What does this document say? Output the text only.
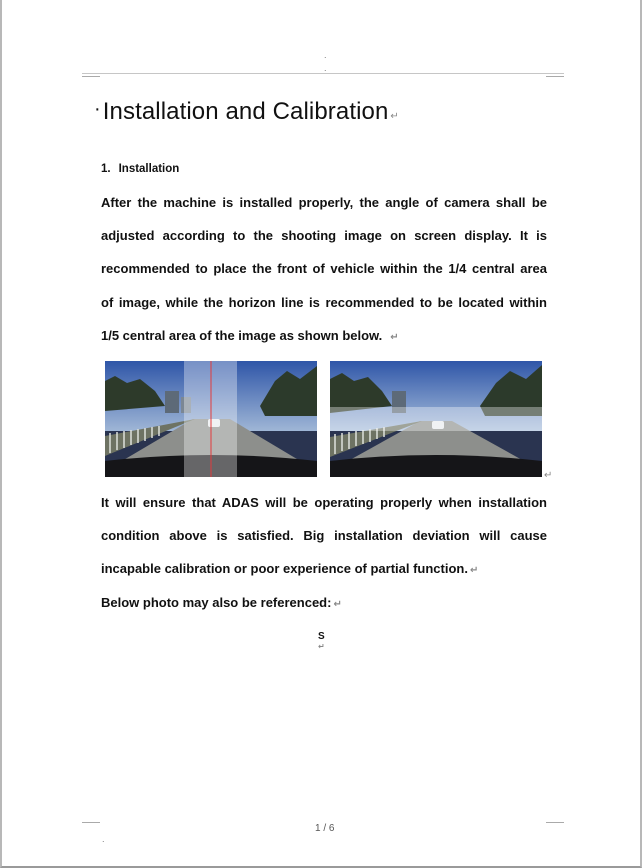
.
.
.
·Installation and Calibration ↵
1. Installation
After the machine is installed properly, the angle of camera shall be
adjusted according to the shooting image on screen display. It is
recommended to place the front of vehicle within the 1/4 central area
of image, while the horizon line is recommended to be located within
1/5 central area of the image as shown below. ↵
↵
It will ensure that ADAS will be operating properly when installation
condition above is satisfied. Big installation deviation will cause
incapable calibration or poor experience of partial function. ↵
Below photo may also be referenced: ↵
S
↵
1 / 6
